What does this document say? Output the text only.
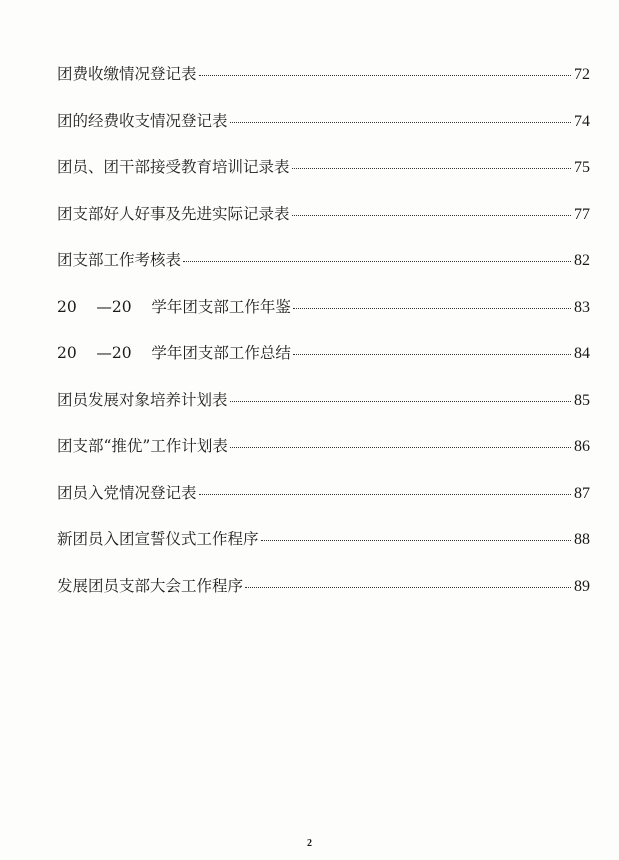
团费收缴情况登记表	72
团的经费收支情况登记表	74
团员、团干部接受教育培训记录表	75
团支部好人好事及先进实际记录表	77
团支部工作考核表	82
20    —20    学年团支部工作年鉴	83
20    —20    学年团支部工作总结	84
团员发展对象培养计划表	85
团支部“推优”工作计划表	86
团员入党情况登记表	87
新团员入团宣誓仪式工作程序	88
发展团员支部大会工作程序	89
2
